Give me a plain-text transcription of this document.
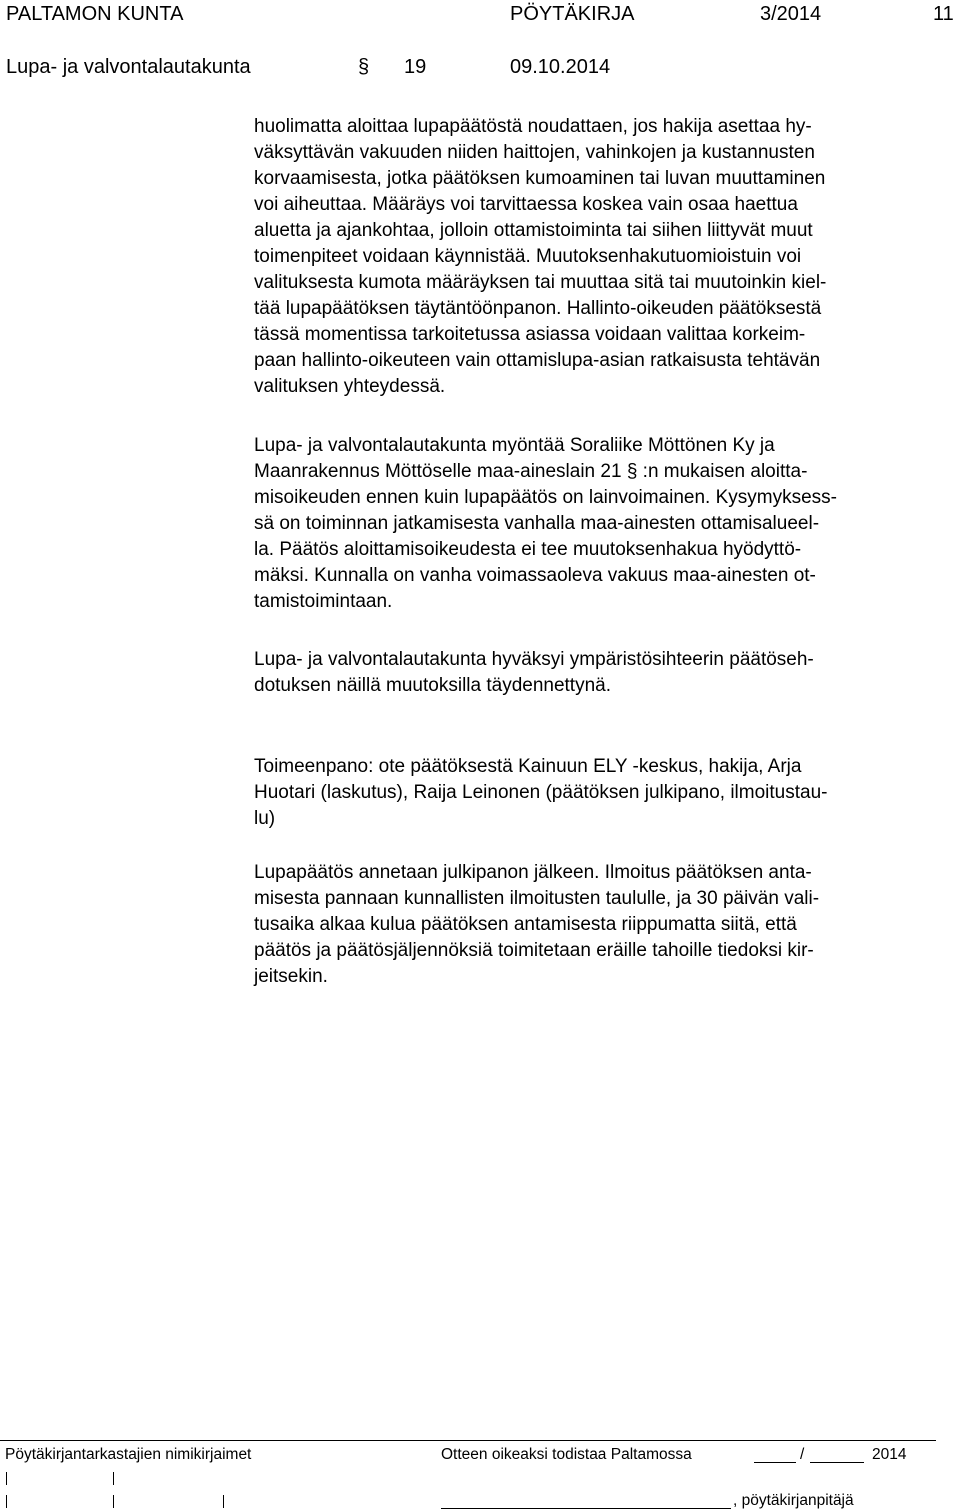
PALTAMON KUNTA	PÖYTÄKIRJA	3/2014	11
Lupa- ja valvontalautakunta	§ 19	09.10.2014
huolimatta aloittaa lupapäätöstä noudattaen, jos hakija asettaa hy-
väksyttävän vakuuden niiden haittojen, vahinkojen ja kustannusten
korvaamisesta, jotka päätöksen kumoaminen tai luvan muuttaminen
voi aiheuttaa. Määräys voi tarvittaessa koskea vain osaa haettua
aluetta ja ajankohtaa, jolloin ottamistoiminta tai siihen liittyvät muut
toimenpiteet voidaan käynnistää. Muutoksenhakutuomioistuin voi
valituksesta kumota määräyksen tai muuttaa sitä tai muutoinkin kiel-
tää lupapäätöksen täytäntöönpanon. Hallinto-oikeuden päätöksestä
tässä momentissa tarkoitetussa asiassa voidaan valittaa korkeim-
paan hallinto-oikeuteen vain ottamislupa-asian ratkaisusta tehtävän
valituksen yhteydessä.
Lupa- ja valvontalautakunta myöntää Soraliike Möttönen Ky ja
Maanrakennus Möttöselle maa-aineslain 21 § :n mukaisen aloitta-
misoikeuden ennen kuin lupapäätös on lainvoimainen. Kysymyksess-
sä on toiminnan jatkamisesta vanhalla maa-ainesten ottamisalueel-
la. Päätös aloittamisoikeudesta ei tee muutoksenhakua hyödyttö-
mäksi. Kunnalla on vanha voimassaoleva vakuus maa-ainesten ot-
tamistoimintaan.
Lupa- ja valvontalautakunta hyväksyi ympäristösihteerin päätöseh-
dotuksen näillä muutoksilla täydennettynä.
Toimeenpano: ote päätöksestä Kainuun ELY -keskus, hakija, Arja
Huotari (laskutus), Raija Leinonen (päätöksen julkipano, ilmoitustau-
lu)
Lupapäätös annetaan julkipanon jälkeen. Ilmoitus päätöksen anta-
misesta pannaan kunnallisten ilmoitusten taululle, ja 30 päivän vali-
tusaika alkaa kulua päätöksen antamisesta riippumatta siitä, että
päätös ja päätösjäljennöksiä toimitetaan eräille tahoille tiedoksi kir-
jeitsekin.
Pöytäkirjantarkastajien nimikirjaimet	Otteen oikeaksi todistaa Paltamossa	/	2014
, pöytäkirjanpitäjä
